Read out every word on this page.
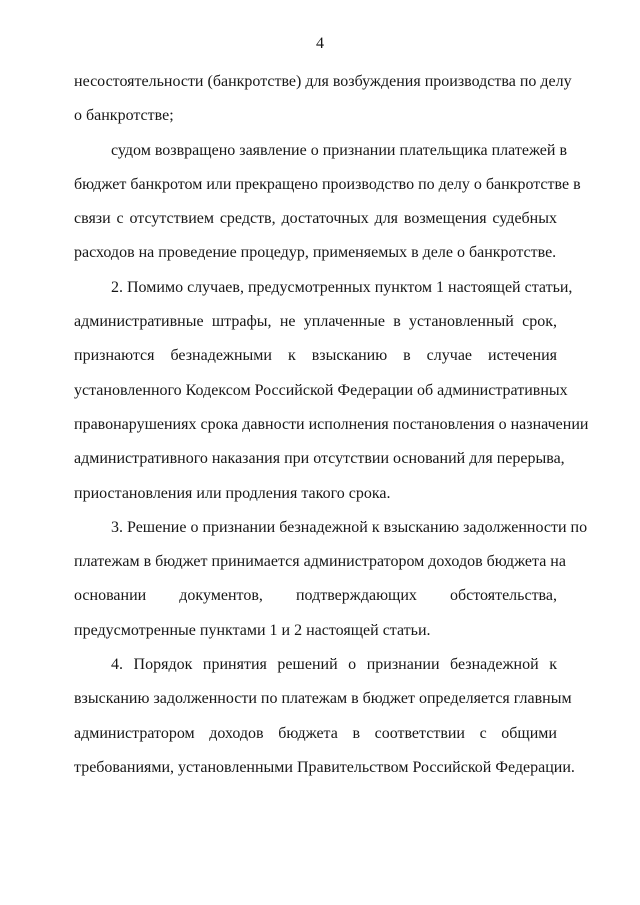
4
несостоятельности (банкротстве) для возбуждения производства по делу
о банкротстве;
судом возвращено заявление о признании плательщика платежей в
бюджет банкротом или прекращено производство по делу о банкротстве в
связи с отсутствием средств, достаточных для возмещения судебных
расходов на проведение процедур, применяемых в деле о банкротстве.
2. Помимо случаев, предусмотренных пунктом 1 настоящей статьи,
административные штрафы, не уплаченные в установленный срок,
признаются безнадежными к взысканию в случае истечения
установленного Кодексом Российской Федерации об административных
правонарушениях срока давности исполнения постановления о назначении
административного наказания при отсутствии оснований для перерыва,
приостановления или продления такого срока.
3. Решение о признании безнадежной к взысканию задолженности по
платежам в бюджет принимается администратором доходов бюджета на
основании документов, подтверждающих обстоятельства,
предусмотренные пунктами 1 и 2 настоящей статьи.
4. Порядок принятия решений о признании безнадежной к
взысканию задолженности по платежам в бюджет определяется главным
администратором доходов бюджета в соответствии с общими
требованиями, установленными Правительством Российской Федерации.
